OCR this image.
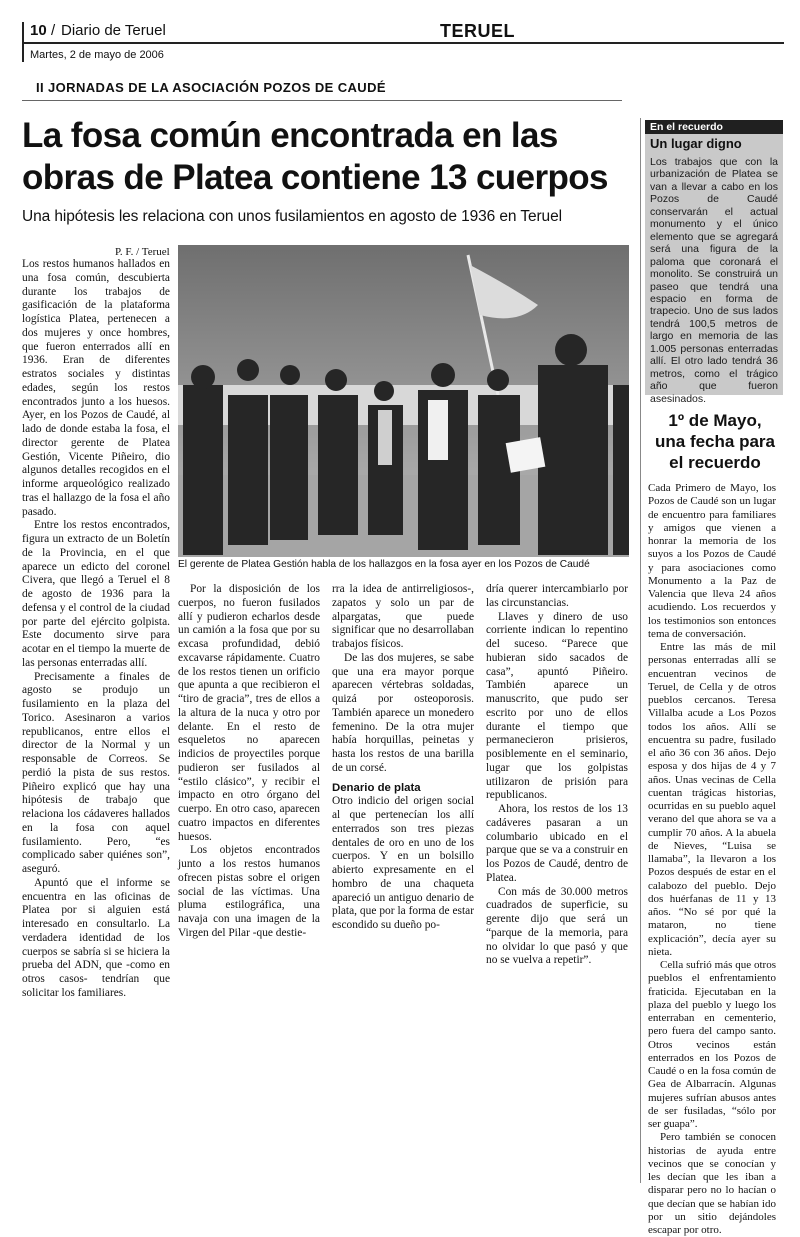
10 / Diario de Teruel	TERUEL
Martes, 2 de mayo de 2006
II JORNADAS DE LA ASOCIACIÓN POZOS DE CAUDÉ
La fosa común encontrada en las
obras de Platea contiene 13 cuerpos
Una hipótesis les relaciona con unos fusilamientos en agosto de 1936 en Teruel
P. F. / Teruel
El gerente de Platea Gestión habla de los hallazgos en la fosa ayer en los Pozos de Caudé

Los restos humanos hallados en una fosa común, descubierta durante los trabajos de gasificación de la plataforma logística Platea, pertenecen a dos mujeres y once hombres, que fueron enterrados allí en 1936. Eran de diferentes estratos sociales y distintas edades, según los restos encontrados junto a los huesos. Ayer, en los Pozos de Caudé, al lado de donde estaba la fosa, el director gerente de Platea Gestión, Vicente Piñeiro, dio algunos detalles recogidos en el informe arqueológico realizado tras el hallazgo de la fosa el año pasado.

Entre los restos encontrados, figura un extracto de un Boletín de la Provincia, en el que aparece un edicto del coronel Civera, que llegó a Teruel el 8 de agosto de 1936 para la defensa y el control de la ciudad por parte del ejército golpista. Este documento sirve para acotar en el tiempo la muerte de las personas enterradas allí.

Precisamente a finales de agosto se produjo un fusilamiento en la plaza del Torico. Asesinaron a varios republicanos, entre ellos el director de la Normal y un responsable de Correos. Se perdió la pista de sus restos. Piñeiro explicó que hay una hipótesis de trabajo que relaciona los cádaveres hallados en la fosa con aquel fusilamiento. Pero, “es complicado saber quiénes son”, aseguró.

Apuntó que el informe se encuentra en las oficinas de Platea por si alguien está interesado en consultarlo. La verdadera identidad de los cuerpos se sabría si se hiciera la prueba del ADN, que -como en otros casos- tendrían que solicitar los familiares.

Por la disposición de los cuerpos, no fueron fusilados allí y pudieron echarlos desde un camión a la fosa que por su excasa profundidad, debió excavarse rápidamente. Cuatro de los restos tienen un orificio que apunta a que recibieron el “tiro de gracia”, tres de ellos a la altura de la nuca y otro por delante. En el resto de esqueletos no aparecen indicios de proyectiles porque pudieron ser fusilados al “estilo clásico”, y recibir el impacto en otro órgano del cuerpo. En otro caso, aparecen cuatro impactos en diferentes huesos.

Los objetos encontrados junto a los restos humanos ofrecen pistas sobre el origen social de las víctimas. Una pluma estilográfica, una navaja con una imagen de la Virgen del Pilar -que destie-

rra la idea de antirreligiosos-, zapatos y solo un par de alpargatas, que puede significar que no desarrollaban trabajos físicos.

De las dos mujeres, se sabe que una era mayor porque aparecen vértebras soldadas, quizá por osteoporosis. También aparece un monedero femenino. De la otra mujer había horquillas, peinetas y hasta los restos de una barilla de un corsé.

Denario de plata

Otro indicio del origen social al que pertenecían los allí enterrados son tres piezas dentales de oro en uno de los cuerpos. Y en un bolsillo abierto expresamente en el hombro de una chaqueta apareció un antiguo denario de plata, que por la forma de estar escondido su dueño po-

dría querer intercambiarlo por las circunstancias.

Llaves y dinero de uso corriente indican lo repentino del suceso. “Parece que hubieran sido sacados de casa”, apuntó Piñeiro. También aparece un manuscrito, que pudo ser escrito por uno de ellos durante el tiempo que permanecieron prisieros, posiblemente en el seminario, lugar que los golpistas utilizaron de prisión para republicanos.

Ahora, los restos de los 13 cadáveres pasaran a un columbario ubicado en el parque que se va a construir en los Pozos de Caudé, dentro de Platea.

Con más de 30.000 metros cuadrados de superficie, su gerente dijo que será un “parque de la memoria, para no olvidar lo que pasó y que no se vuelva a repetir”.

En el recuerdo
Un lugar digno
Los trabajos que con la urbanización de Platea se van a llevar a cabo en los Pozos de Caudé conservarán el actual monumento y el único elemento que se agregará será una figura de la paloma que coronará el monolito. Se construirá un paseo que tendrá una espacio en forma de trapecio. Uno de sus lados tendrá 100,5 metros de largo en memoria de las 1.005 personas enterradas allí. El otro lado tendrá 36 metros, como el trágico año que fueron asesinados.
1º de Mayo, una fecha para el recuerdo

Cada Primero de Mayo, los Pozos de Caudé son un lugar de encuentro para familiares y amigos que vienen a honrar la memoria de los suyos a los Pozos de Caudé y para asociaciones como Monumento a la Paz de Valencia que lleva 24 años acudiendo. Los recuerdos y los testimonios son entonces tema de conversación.

Entre las más de mil personas enterradas allí se encuentran vecinos de Teruel, de Cella y de otros pueblos cercanos. Teresa Villalba acude a Los Pozos todos los años. Allí se encuentra su padre, fusilado el año 36 con 36 años. Dejo esposa y dos hijas de 4 y 7 años. Unas vecinas de Cella cuentan trágicas historias, ocurridas en su pueblo aquel verano del que ahora se va a cumplir 70 años. A la abuela de Nieves, “Luisa se llamaba”, la llevaron a los Pozos después de estar en el calabozo del pueblo. Dejo dos huérfanas de 11 y 13 años. “No sé por qué la mataron, no tiene explicación”, decía ayer su nieta.

Cella sufrió más que otros pueblos el enfrentamiento fraticida. Ejecutaban en la plaza del pueblo y luego los enterraban en cementerio, pero fuera del campo santo. Otros vecinos están enterrados en los Pozos de Caudé o en la fosa común de Gea de Albarracín. Algunas mujeres sufrían abusos antes de ser fusiladas, “sólo por ser guapa”.

Pero también se conocen historias de ayuda entre vecinos que se conocían y les decían que les iban a disparar pero no lo hacían o que decían que se habían ido por un sitio dejándoles escapar por otro.
